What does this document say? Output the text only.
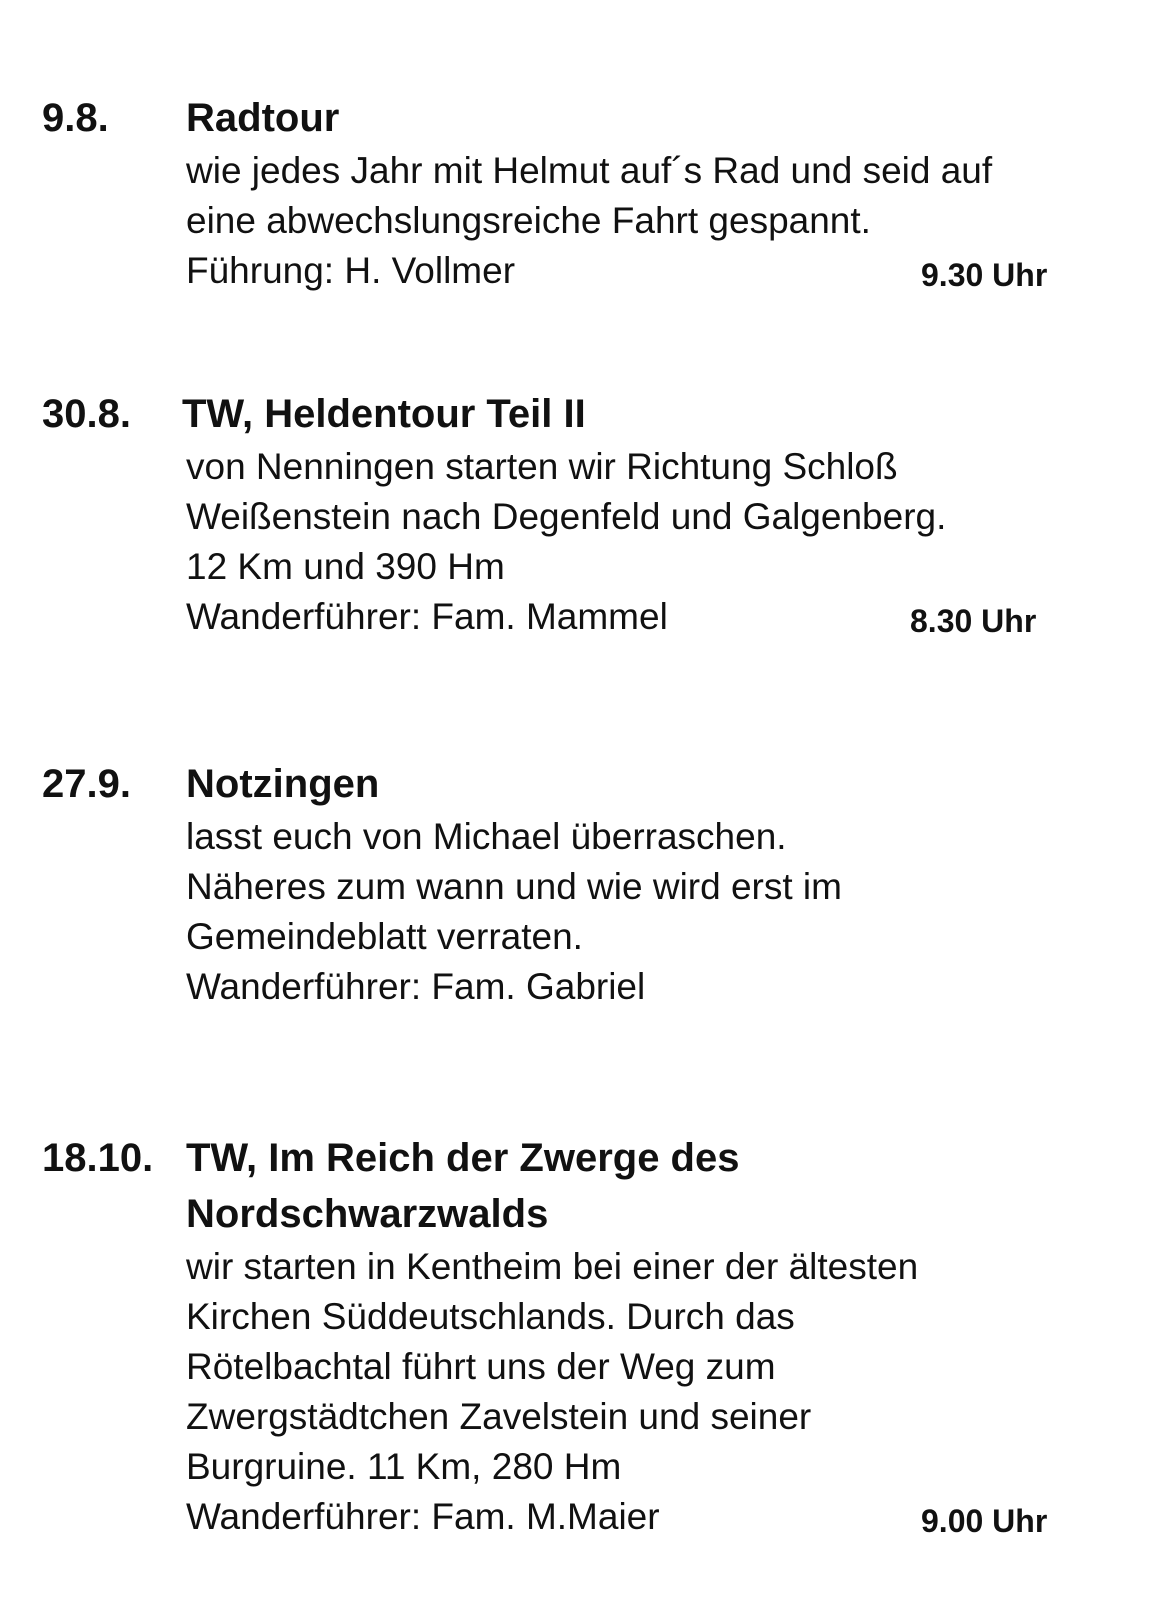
9.8. Radtour
wie jedes Jahr mit Helmut auf´s Rad und seid auf
eine abwechslungsreiche Fahrt gespannt.
Führung: H. Vollmer	9.30 Uhr
30.8. TW, Heldentour Teil II
von Nenningen starten wir Richtung Schloß
Weißenstein nach Degenfeld und Galgenberg.
12 Km und 390 Hm
Wanderführer: Fam. Mammel	8.30 Uhr
27.9. Notzingen
lasst euch von Michael überraschen.
Näheres zum wann und wie wird erst im
Gemeindeblatt verraten.
Wanderführer: Fam. Gabriel
18.10. TW, Im Reich der Zwerge des
Nordschwarzwalds
wir starten in Kentheim bei einer der ältesten
Kirchen Süddeutschlands. Durch das
Rötelbachtal führt uns der Weg zum
Zwergstädtchen Zavelstein und seiner
Burgruine. 11 Km, 280 Hm
Wanderführer: Fam. M.Maier	9.00 Uhr
